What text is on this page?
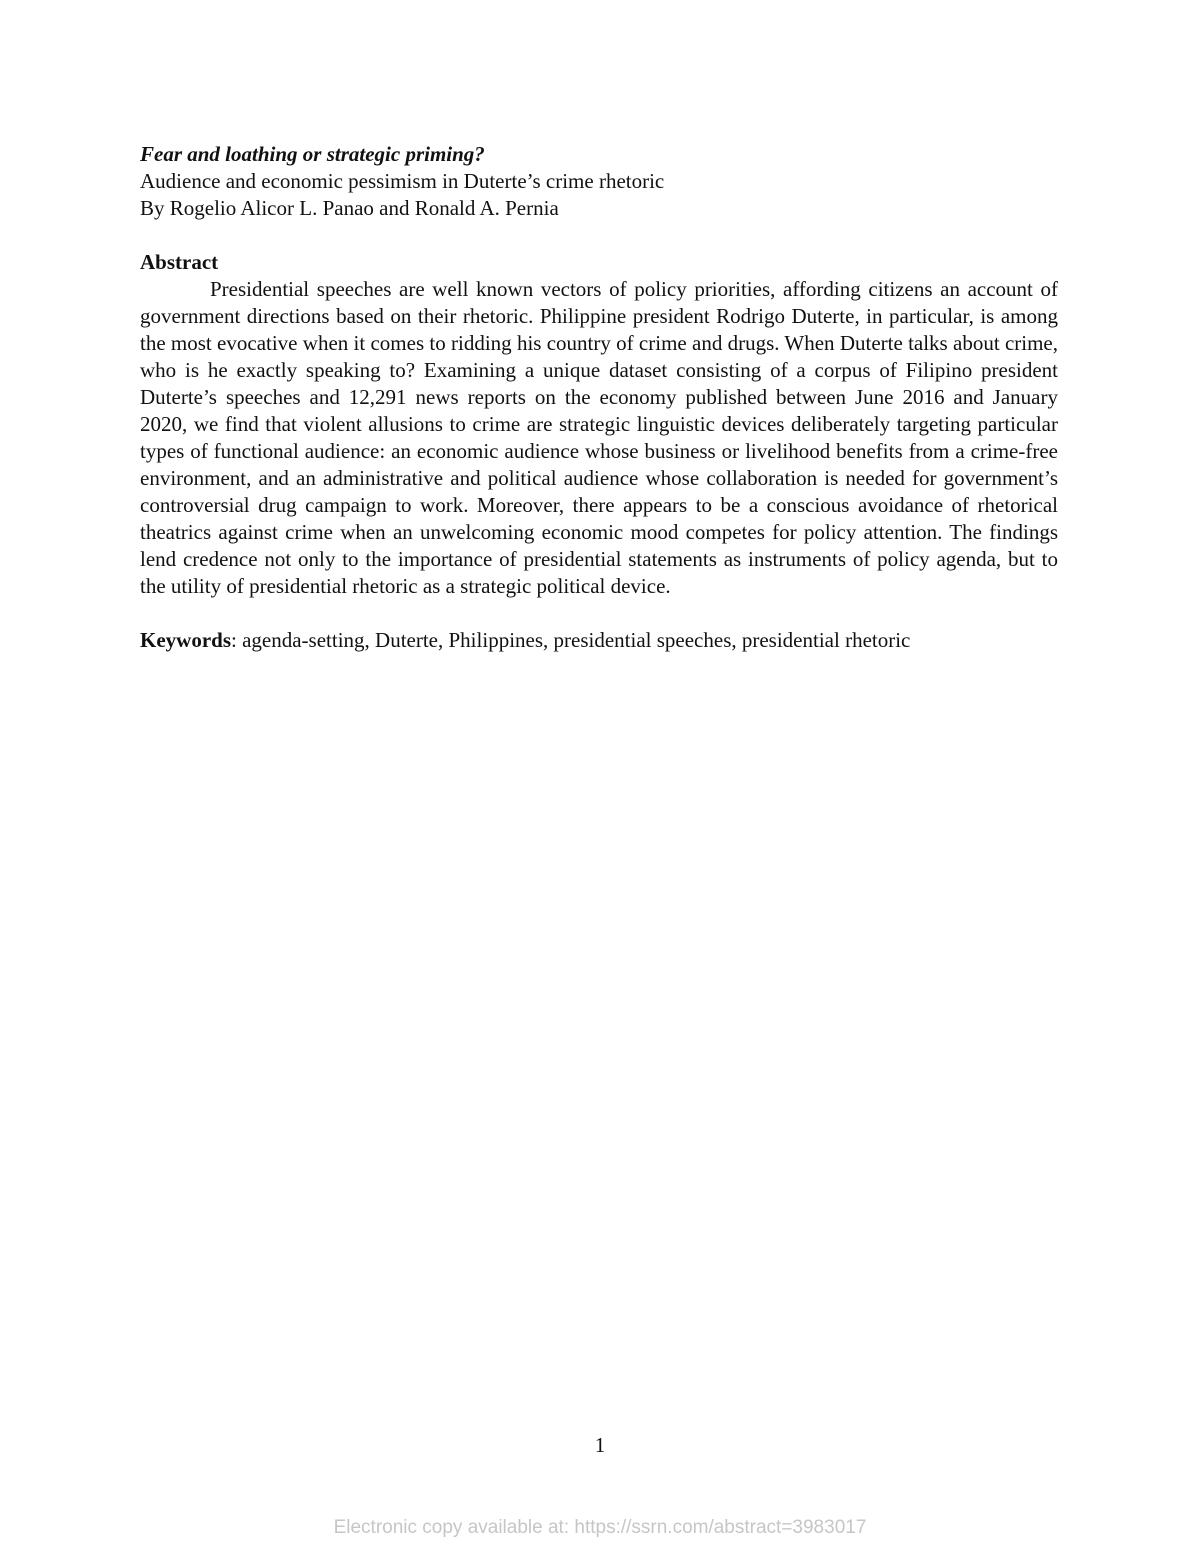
Fear and loathing or strategic priming?

Audience and economic pessimism in Duterte’s crime rhetoric

By Rogelio Alicor L. Panao and Ronald A. Pernia

Abstract

Presidential speeches are well known vectors of policy priorities, affording citizens an account of government directions based on their rhetoric. Philippine president Rodrigo Duterte, in particular, is among the most evocative when it comes to ridding his country of crime and drugs. When Duterte talks about crime, who is he exactly speaking to? Examining a unique dataset consisting of a corpus of Filipino president Duterte’s speeches and 12,291 news reports on the economy published between June 2016 and January 2020, we find that violent allusions to crime are strategic linguistic devices deliberately targeting particular types of functional audience: an economic audience whose business or livelihood benefits from a crime-free environment, and an administrative and political audience whose collaboration is needed for government’s controversial drug campaign to work. Moreover, there appears to be a conscious avoidance of rhetorical theatrics against crime when an unwelcoming economic mood competes for policy attention. The findings lend credence not only to the importance of presidential statements as instruments of policy agenda, but to the utility of presidential rhetoric as a strategic political device.

Keywords: agenda-setting, Duterte, Philippines, presidential speeches, presidential rhetoric

1
Electronic copy available at: https://ssrn.com/abstract=3983017
